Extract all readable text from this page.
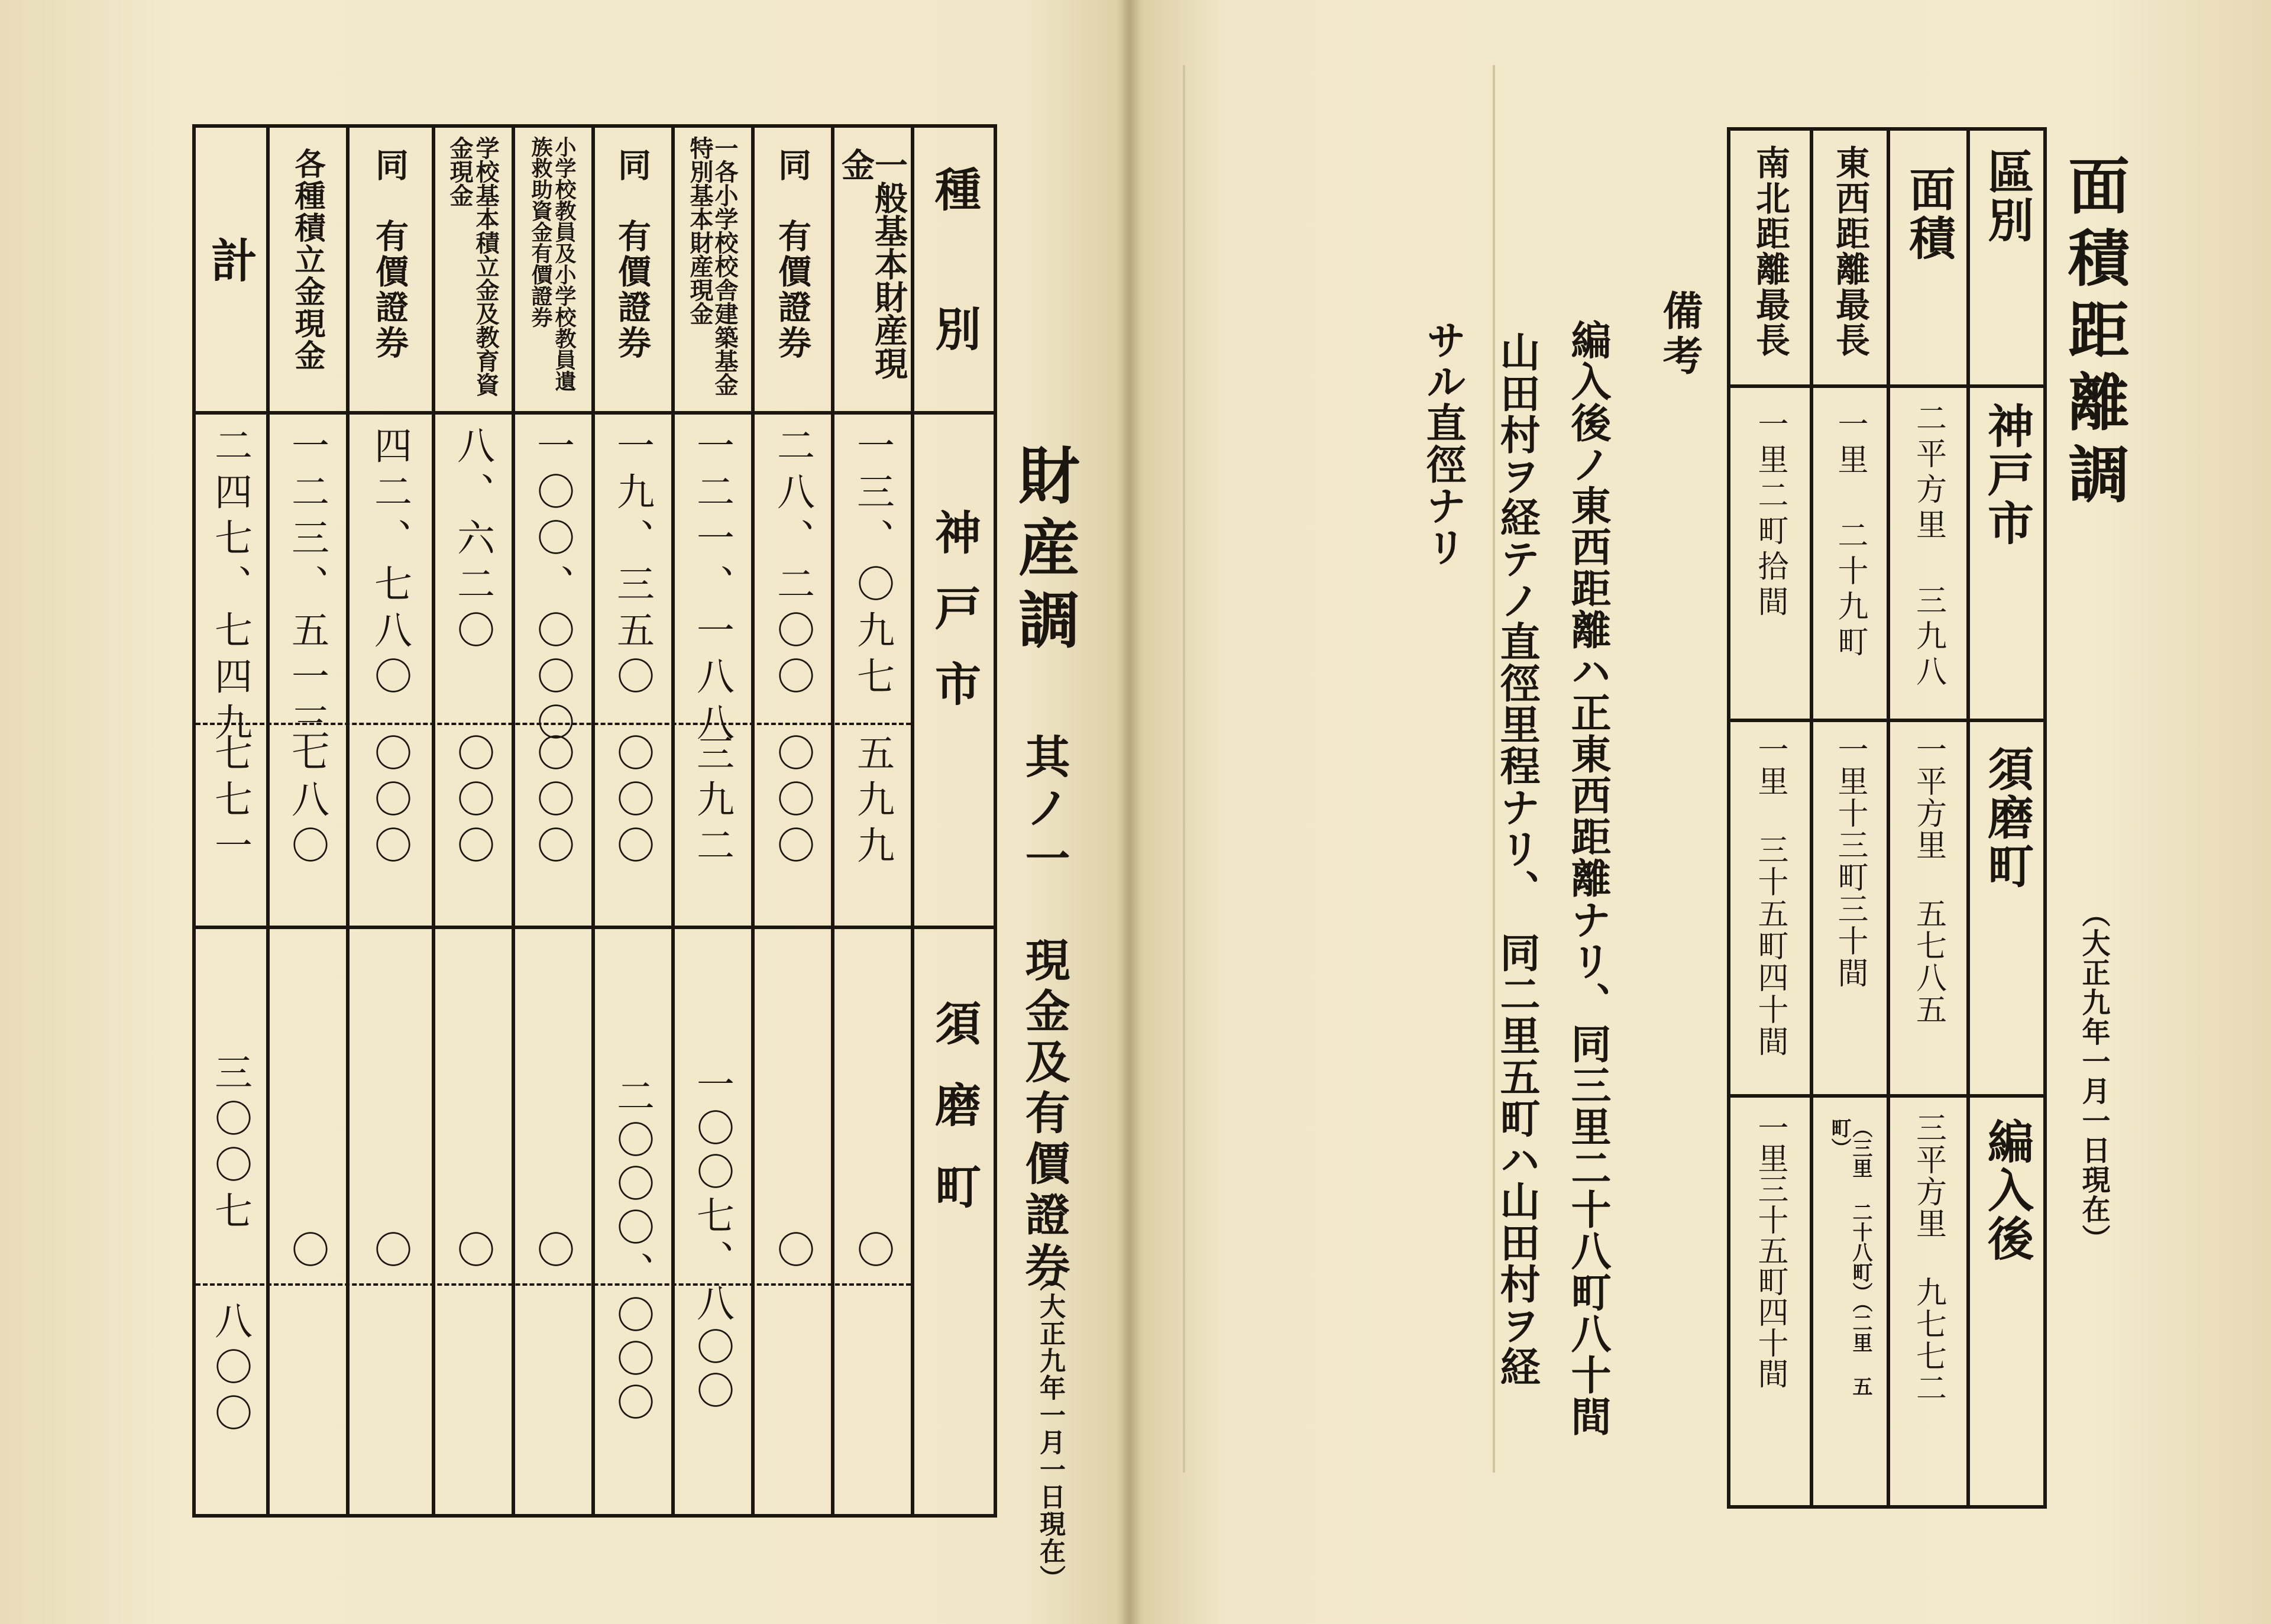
面積距離調
（大正九年一月一日現在）
區別
面積
東西距離最長
南北距離最長
神戸市
二平方里 三九八
一里 二十九町
一里二町拾間
須磨町
一平方里 五七八五
一里十三町三十間
一里 三十五町四十間
編入後
三平方里 九七七二
（三里 二十八町）（二里 五町）
一里三十五町四十間
備考
編入後ノ東西距離ハ正東西距離ナリ、同三里二十八町八十間
山田村ヲ経テノ直徑里程ナリ、　同二里五町ハ山田村ヲ経
サル直徑ナリ
財産調
其ノ一　現金及有價證券
（大正九年一月一日現在）
種　別
神戸市
須磨町
一般基本財産現金
同　有價證券
一各小学校校舎建築基金特別基本財産現金
同　有價證券
小学校教員及小学校教員遺族救助資金有價證券
学校基本積立金及教育資金現金
同　有價證券
各種積立金現金
計
一三、〇九七
二八、二〇〇
一二一、一八八
一九、三五〇
一〇〇、〇〇〇
八、六二〇
四二、七八〇
一二三、五一三
二四七、七四九
五九九
〇〇〇
三九二
〇〇〇
〇〇〇
〇〇〇
〇〇〇
七八〇
七七一
〇
〇
一〇〇七、八〇〇
二〇〇〇、〇〇〇
〇
〇
〇
〇
三〇〇七
八〇〇
